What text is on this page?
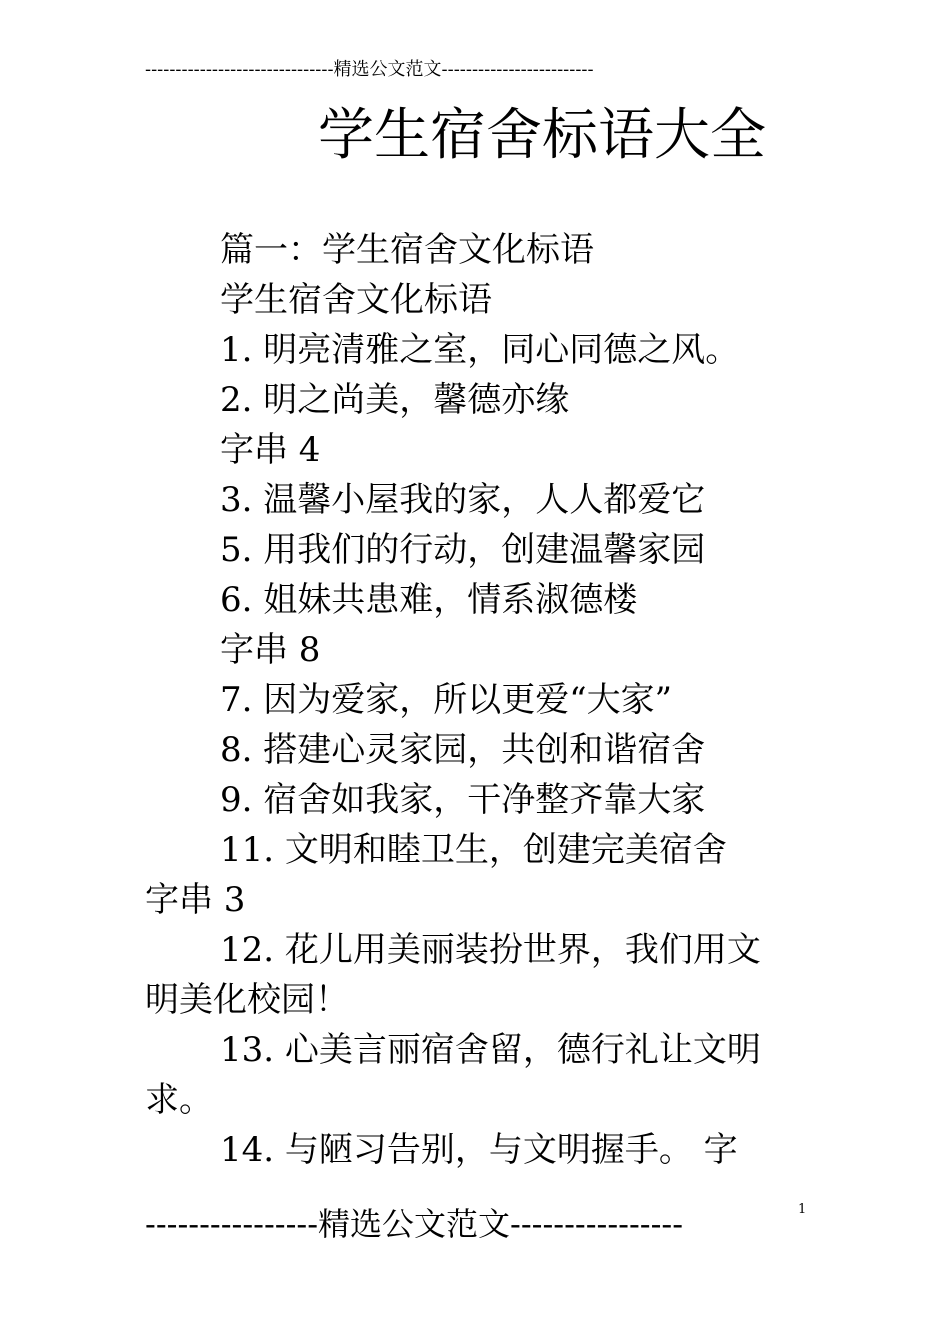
-------------------------------精选公文范文-------------------------
学生宿舍标语大全
篇一：学生宿舍文化标语
学生宿舍文化标语
1. 明亮清雅之室，同心同德之风。
2. 明之尚美，馨德亦缘
字串 4
3. 温馨小屋我的家，人人都爱它
5. 用我们的行动，创建温馨家园
6. 姐妹共患难，情系淑德楼
字串 8
7. 因为爱家，所以更爱“大家”
8. 搭建心灵家园，共创和谐宿舍
9. 宿舍如我家，干净整齐靠大家
11. 文明和睦卫生，创建完美宿舍
字串 3
12. 花儿用美丽装扮世界，我们用文
明美化校园！
13. 心美言丽宿舍留，德行礼让文明
求。
14. 与陋习告别，与文明握手。 字
----------------精选公文范文----------------	1
